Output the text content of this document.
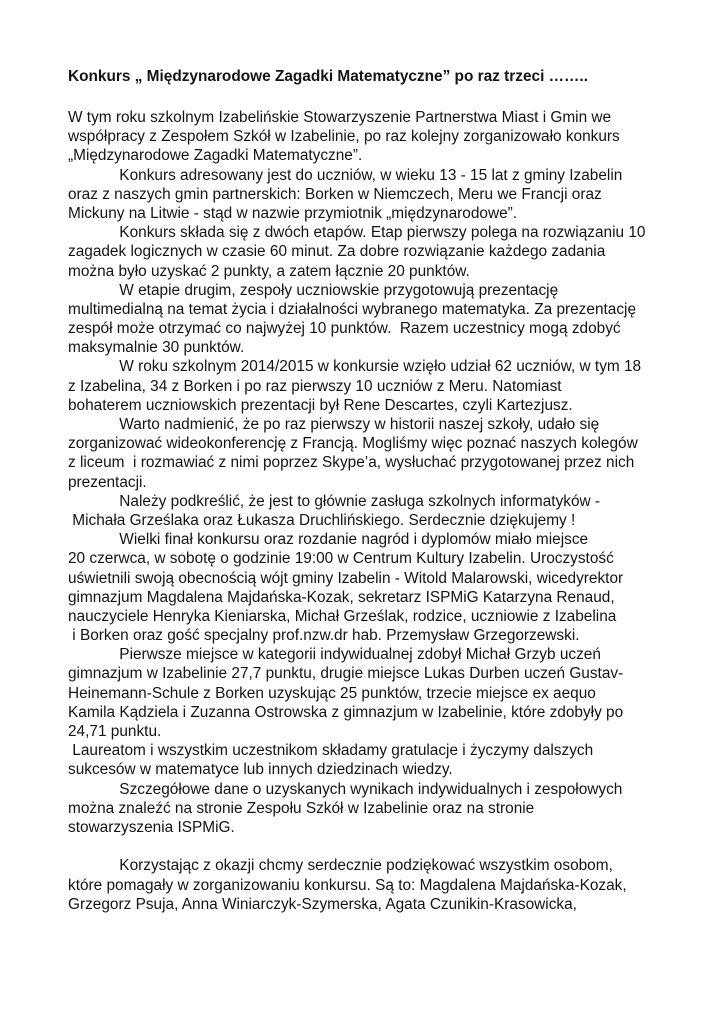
Konkurs „ Międzynarodowe Zagadki Matematyczne” po raz trzeci ……..
W tym roku szkolnym Izabelińskie Stowarzyszenie Partnerstwa Miast i Gmin we
współpracy z Zespołem Szkół w Izabelinie, po raz kolejny zorganizowało konkurs
„Międzynarodowe Zagadki Matematyczne”.
Konkurs adresowany jest do uczniów, w wieku 13 - 15 lat z gminy Izabelin
oraz z naszych gmin partnerskich: Borken w Niemczech, Meru we Francji oraz
Mickuny na Litwie - stąd w nazwie przymiotnik „międzynarodowe”.
Konkurs składa się z dwóch etapów. Etap pierwszy polega na rozwiązaniu 10
zagadek logicznych w czasie 60 minut. Za dobre rozwiązanie każdego zadania
można było uzyskać 2 punkty, a zatem łącznie 20 punktów.
W etapie drugim, zespoły uczniowskie przygotowują prezentację
multimedialną na temat życia i działalności wybranego matematyka. Za prezentację
zespół może otrzymać co najwyżej 10 punktów.  Razem uczestnicy mogą zdobyć
maksymalnie 30 punktów.
W roku szkolnym 2014/2015 w konkursie wzięło udział 62 uczniów, w tym 18
z Izabelina, 34 z Borken i po raz pierwszy 10 uczniów z Meru. Natomiast
bohaterem uczniowskich prezentacji był Rene Descartes, czyli Kartezjusz.
Warto nadmienić, że po raz pierwszy w historii naszej szkoły, udało się
zorganizować wideokonferencję z Francją. Mogliśmy więc poznać naszych kolegów
z liceum  i rozmawiać z nimi poprzez Skype’a, wysłuchać przygotowanej przez nich
prezentacji.
Należy podkreślić, że jest to głównie zasługa szkolnych informatyków -
Michała Grześlaka oraz Łukasza Druchlińskiego. Serdecznie dziękujemy !
Wielki finał konkursu oraz rozdanie nagród i dyplomów miało miejsce
20 czerwca, w sobotę o godzinie 19:00 w Centrum Kultury Izabelin. Uroczystość
uświetnili swoją obecnością wójt gminy Izabelin - Witold Malarowski, wicedyrektor
gimnazjum Magdalena Majdańska-Kozak, sekretarz ISPMiG Katarzyna Renaud,
nauczyciele Henryka Kieniarska, Michał Grześlak, rodzice, uczniowie z Izabelina
i Borken oraz gość specjalny prof.nzw.dr hab. Przemysław Grzegorzewski.
Pierwsze miejsce w kategorii indywidualnej zdobył Michał Grzyb uczeń
gimnazjum w Izabelinie 27,7 punktu, drugie miejsce Lukas Durben uczeń Gustav-
Heinemann-Schule z Borken uzyskując 25 punktów, trzecie miejsce ex aequo
Kamila Kądziela i Zuzanna Ostrowska z gimnazjum w Izabelinie, które zdobyły po
24,71 punktu.
Laureatom i wszystkim uczestnikom składamy gratulacje i życzymy dalszych
sukcesów w matematyce lub innych dziedzinach wiedzy.
Szczegółowe dane o uzyskanych wynikach indywidualnych i zespołowych
można znaleźć na stronie Zespołu Szkół w Izabelinie oraz na stronie
stowarzyszenia ISPMiG.
Korzystając z okazji chcmy serdecznie podziękować wszystkim osobom,
które pomagały w zorganizowaniu konkursu. Są to: Magdalena Majdańska-Kozak,
Grzegorz Psuja, Anna Winiarczyk-Szymerska, Agata Czunikin-Krasowicka,
